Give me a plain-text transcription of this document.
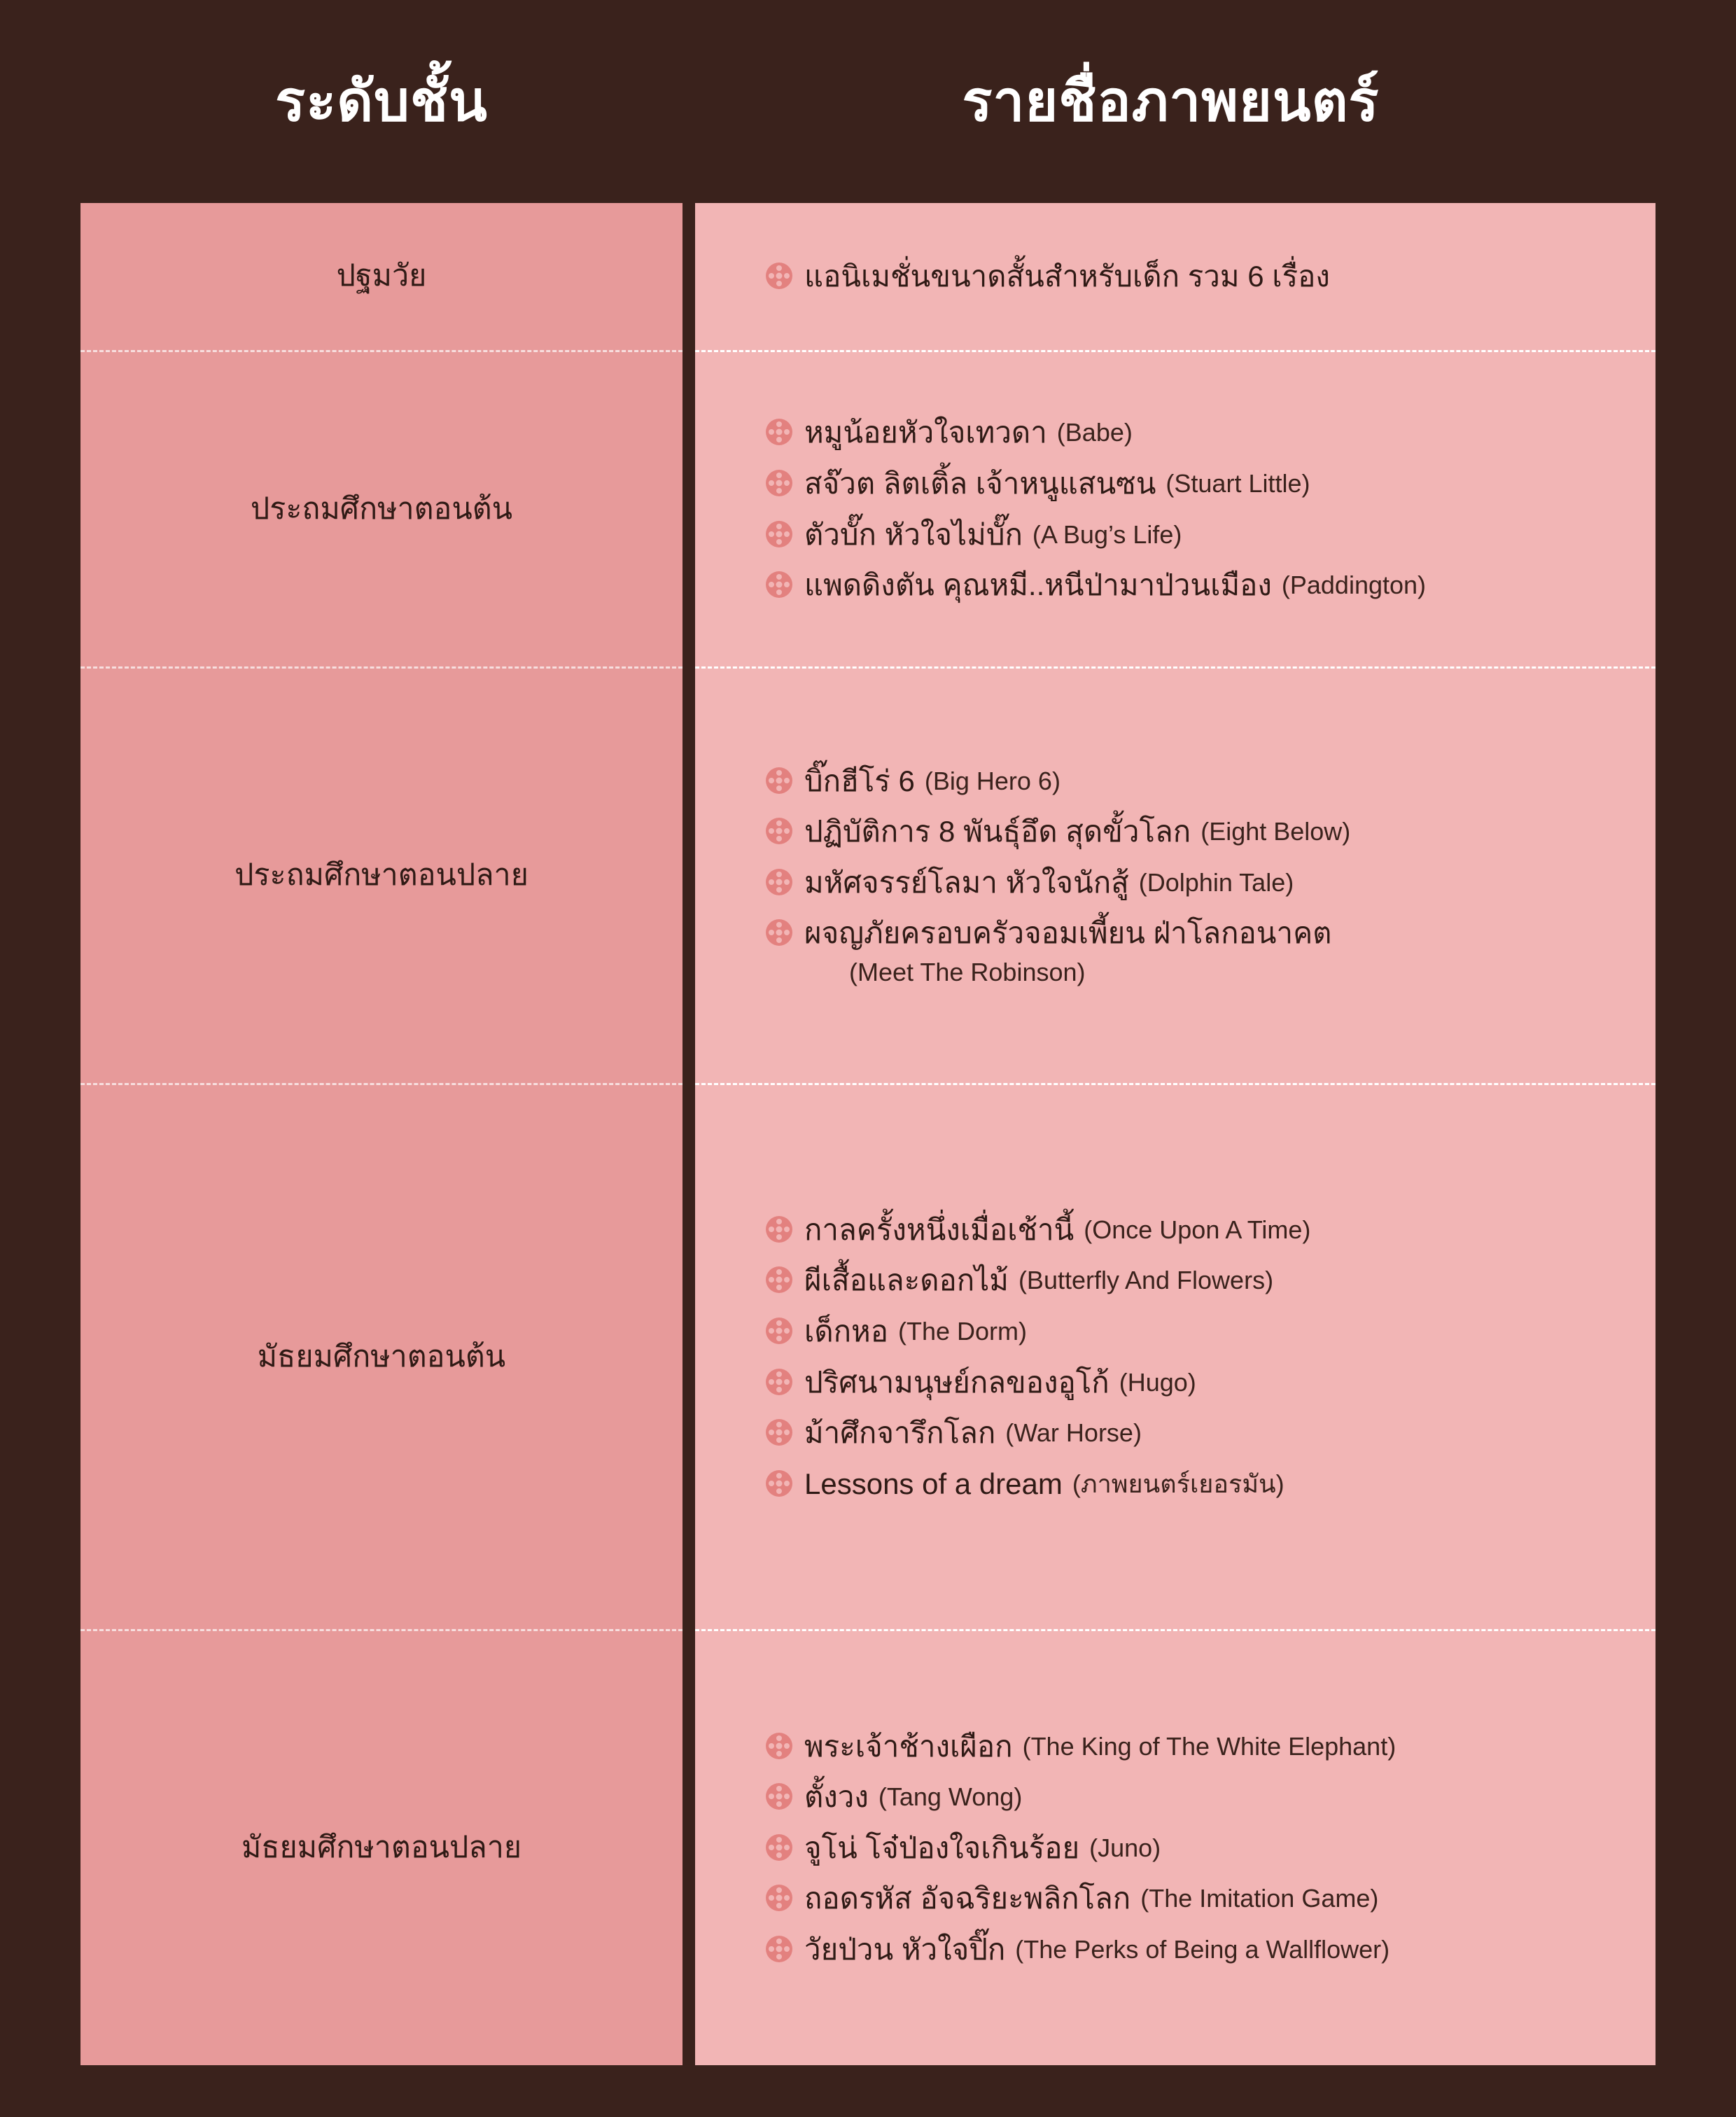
ระดับชั้น	รายชื่อภาพยนตร์
ปฐมวัย
ประถมศึกษาตอนต้น
ประถมศึกษาตอนปลาย
มัธยมศึกษาตอนต้น
มัธยมศึกษาตอนปลาย
แอนิเมชั่นขนาดสั้นสำหรับเด็ก รวม 6 เรื่อง
หมูน้อยหัวใจเทวดา (Babe)
สจ๊วต ลิตเติ้ล เจ้าหนูแสนซน (Stuart Little)
ตัวบั๊ก หัวใจไม่บั๊ก (A Bug’s Life)
แพดดิงตัน คุณหมี..หนีป่ามาป่วนเมือง (Paddington)
บิ๊กฮีโร่ 6 (Big Hero 6)
ปฏิบัติการ 8 พันธุ์อึด สุดขั้วโลก (Eight Below)
มหัศจรรย์โลมา หัวใจนักสู้ (Dolphin Tale)
ผจญภัยครอบครัวจอมเพี้ยน ฝ่าโลกอนาคต
(Meet The Robinson)
กาลครั้งหนึ่งเมื่อเช้านี้ (Once Upon A Time)
ผีเสื้อและดอกไม้ (Butterfly And Flowers)
เด็กหอ (The Dorm)
ปริศนามนุษย์กลของอูโก้ (Hugo)
ม้าศึกจารึกโลก (War Horse)
Lessons of a dream (ภาพยนตร์เยอรมัน)
พระเจ้าช้างเผือก (The King of The White Elephant)
ตั้งวง (Tang Wong)
จูโน่ โจ๋ป่องใจเกินร้อย (Juno)
ถอดรหัส อัจฉริยะพลิกโลก (The Imitation Game)
วัยป่วน หัวใจปิ๊ก (The Perks of Being a Wallflower)
